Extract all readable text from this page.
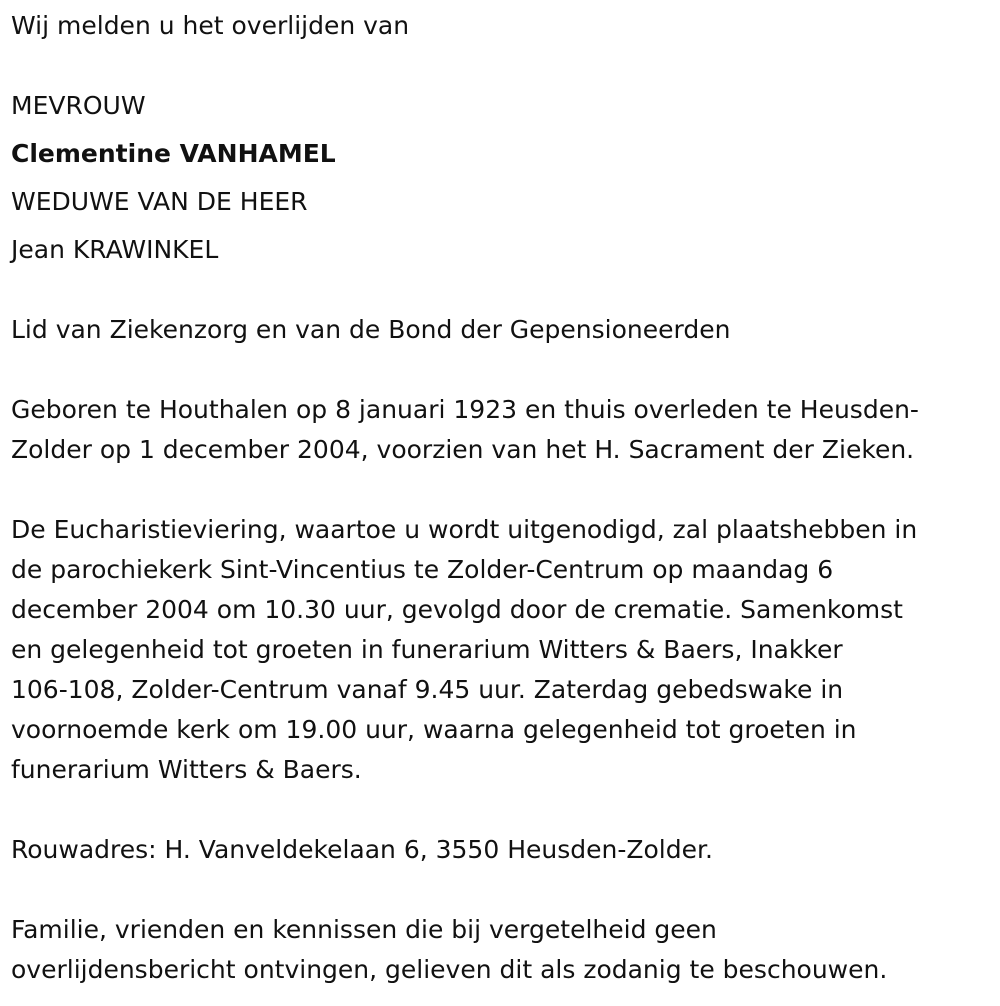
Wij melden u het overlijden van
MEVROUW
Clementine VANHAMEL
WEDUWE VAN DE HEER
Jean KRAWINKEL
Lid van Ziekenzorg en van de Bond der Gepensioneerden
Geboren te Houthalen op 8 januari 1923 en thuis overleden te Heusden-
Zolder op 1 december 2004, voorzien van het H. Sacrament der Zieken.
De Eucharistieviering, waartoe u wordt uitgenodigd, zal plaatshebben in
de parochiekerk Sint-Vincentius te Zolder-Centrum op maandag 6
december 2004 om 10.30 uur, gevolgd door de crematie. Samenkomst
en gelegenheid tot groeten in funerarium Witters & Baers, Inakker
106-108, Zolder-Centrum vanaf 9.45 uur. Zaterdag gebedswake in
voornoemde kerk om 19.00 uur, waarna gelegenheid tot groeten in
funerarium Witters & Baers.
Rouwadres: H. Vanveldekelaan 6, 3550 Heusden-Zolder.
Familie, vrienden en kennissen die bij vergetelheid geen
overlijdensbericht ontvingen, gelieven dit als zodanig te beschouwen.
